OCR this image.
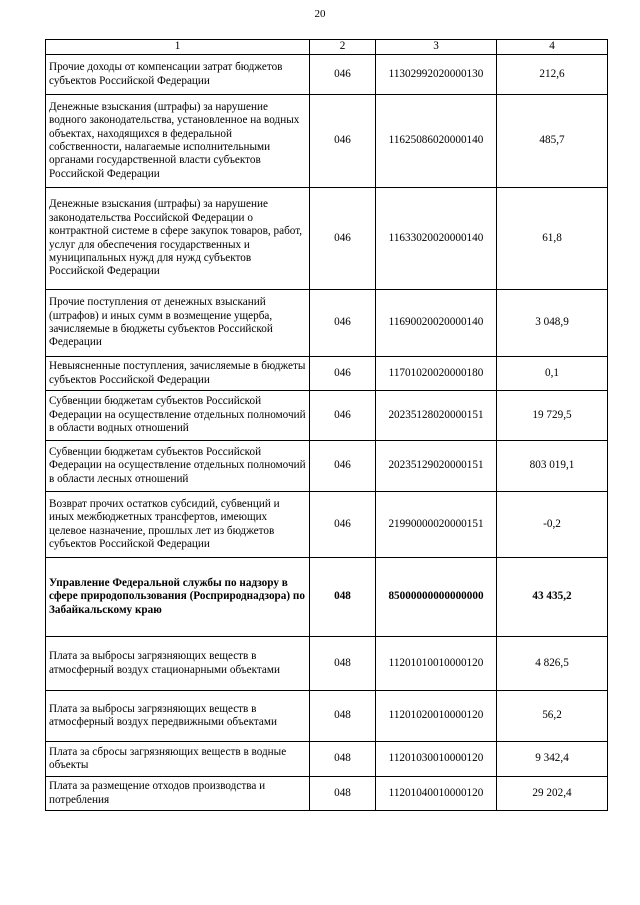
20
1	2	3	4
Прочие доходы от компенсации затрат бюджетов субъектов Российской Федерации	046	11302992020000130	212,6
Денежные взыскания (штрафы) за нарушение водного законодательства, установленное на водных объектах, находящихся в федеральной собственности, налагаемые исполнительными органами государственной власти субъектов Российской Федерации	046	11625086020000140	485,7
Денежные взыскания (штрафы) за нарушение законодательства Российской Федерации о контрактной системе в сфере закупок товаров, работ, услуг для обеспечения государственных и муниципальных нужд для нужд субъектов Российской Федерации	046	11633020020000140	61,8
Прочие поступления от денежных взысканий (штрафов) и иных сумм в возмещение ущерба, зачисляемые в бюджеты субъектов Российской Федерации	046	11690020020000140	3 048,9
Невыясненные поступления, зачисляемые в бюджеты субъектов Российской Федерации	046	11701020020000180	0,1
Субвенции бюджетам субъектов Российской Федерации на осуществление отдельных полномочий в области водных отношений	046	20235128020000151	19 729,5
Субвенции бюджетам субъектов Российской Федерации на осуществление отдельных полномочий в области лесных отношений	046	20235129020000151	803 019,1
Возврат прочих остатков субсидий, субвенций и иных межбюджетных трансфертов, имеющих целевое назначение, прошлых лет из бюджетов субъектов Российской Федерации	046	21990000020000151	-0,2
Управление Федеральной службы по надзору в сфере природопользования (Росприроднадзора) по Забайкальскому краю	048	85000000000000000	43 435,2
Плата за выбросы загрязняющих веществ в атмосферный воздух стационарными объектами	048	11201010010000120	4 826,5
Плата за выбросы загрязняющих веществ в атмосферный воздух передвижными объектами	048	11201020010000120	56,2
Плата за сбросы загрязняющих веществ в водные объекты	048	11201030010000120	9 342,4
Плата за размещение отходов производства и потребления	048	11201040010000120	29 202,4
